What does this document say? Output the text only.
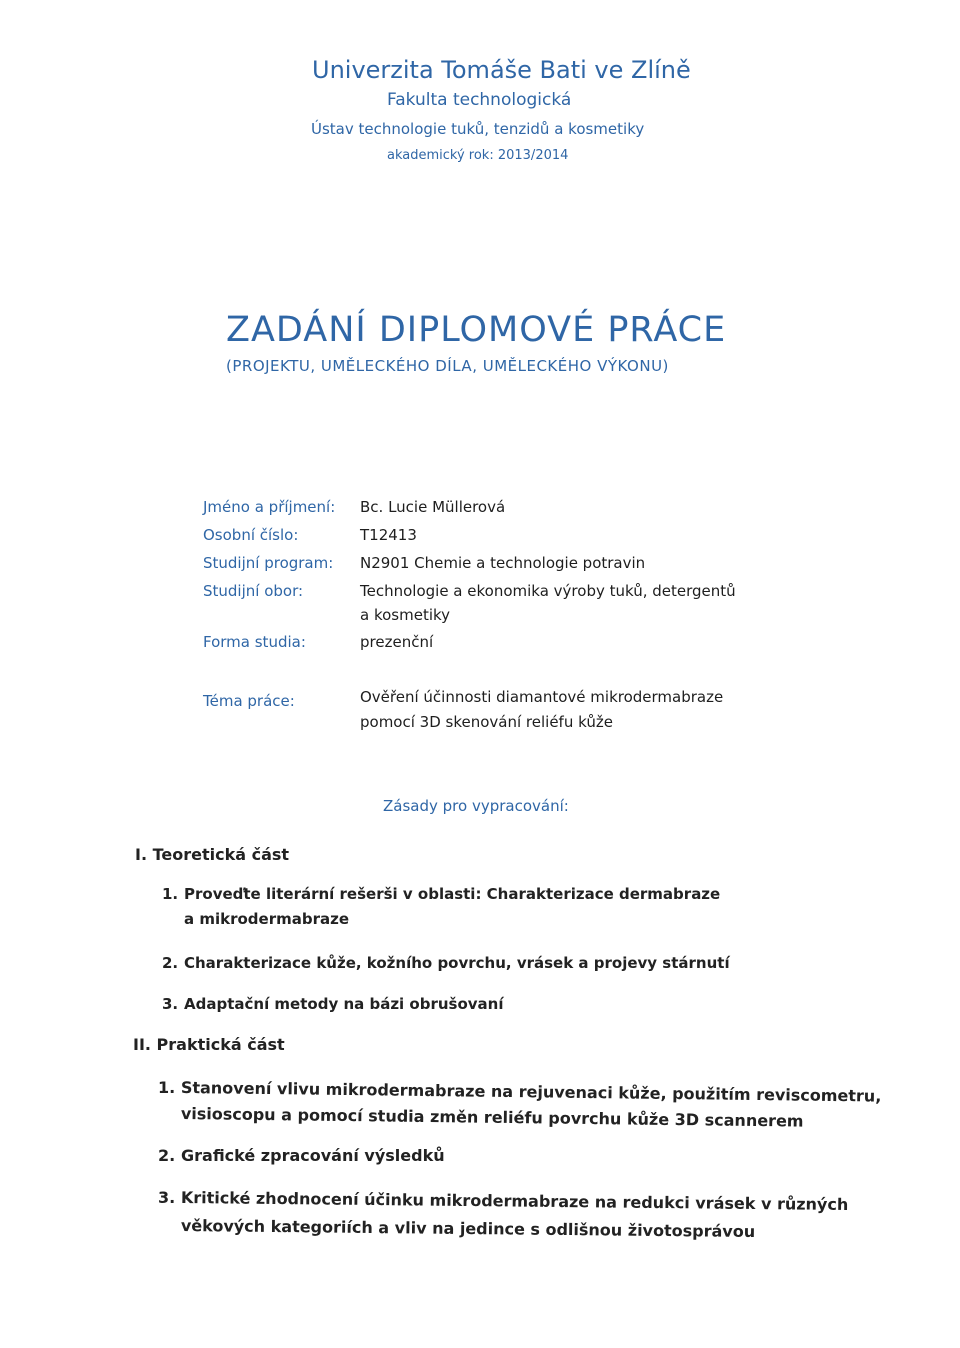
Univerzita Tomáše Bati ve Zlíně
Fakulta technologická
Ústav technologie tuků, tenzidů a kosmetiky
akademický rok: 2013/2014
ZADÁNÍ DIPLOMOVÉ PRÁCE
(PROJEKTU, UMĚLECKÉHO DÍLA, UMĚLECKÉHO VÝKONU)
Jméno a příjmení: Bc. Lucie Müllerová
Osobní číslo:	T12413
Studijní program: N2901 Chemie a technologie potravin
Studijní obor:	Technologie a ekonomika výroby tuků, detergentů
a kosmetiky
Forma studia:	prezenční
Téma práce:	Ověření účinnosti diamantové mikrodermabraze
pomocí 3D skenování reliéfu kůže
Zásady pro vypracování:
I. Teoretická část
1. Proveďte literární rešerši v oblasti: Charakterizace dermabraze
a mikrodermabraze
2. Charakterizace kůže, kožního povrchu, vrásek a projevy stárnutí
3. Adaptační metody na bázi obrušovaní
II. Praktická část
1. Stanovení vlivu mikrodermabraze na rejuvenaci kůže, použitím reviscometru,
visioscopu a pomocí studia změn reliéfu povrchu kůže 3D scannerem
2. Grafické zpracování výsledků
3. Kritické zhodnocení účinku mikrodermabraze na redukci vrásek v různých
věkových kategoriích a vliv na jedince s odlišnou životosprávou
